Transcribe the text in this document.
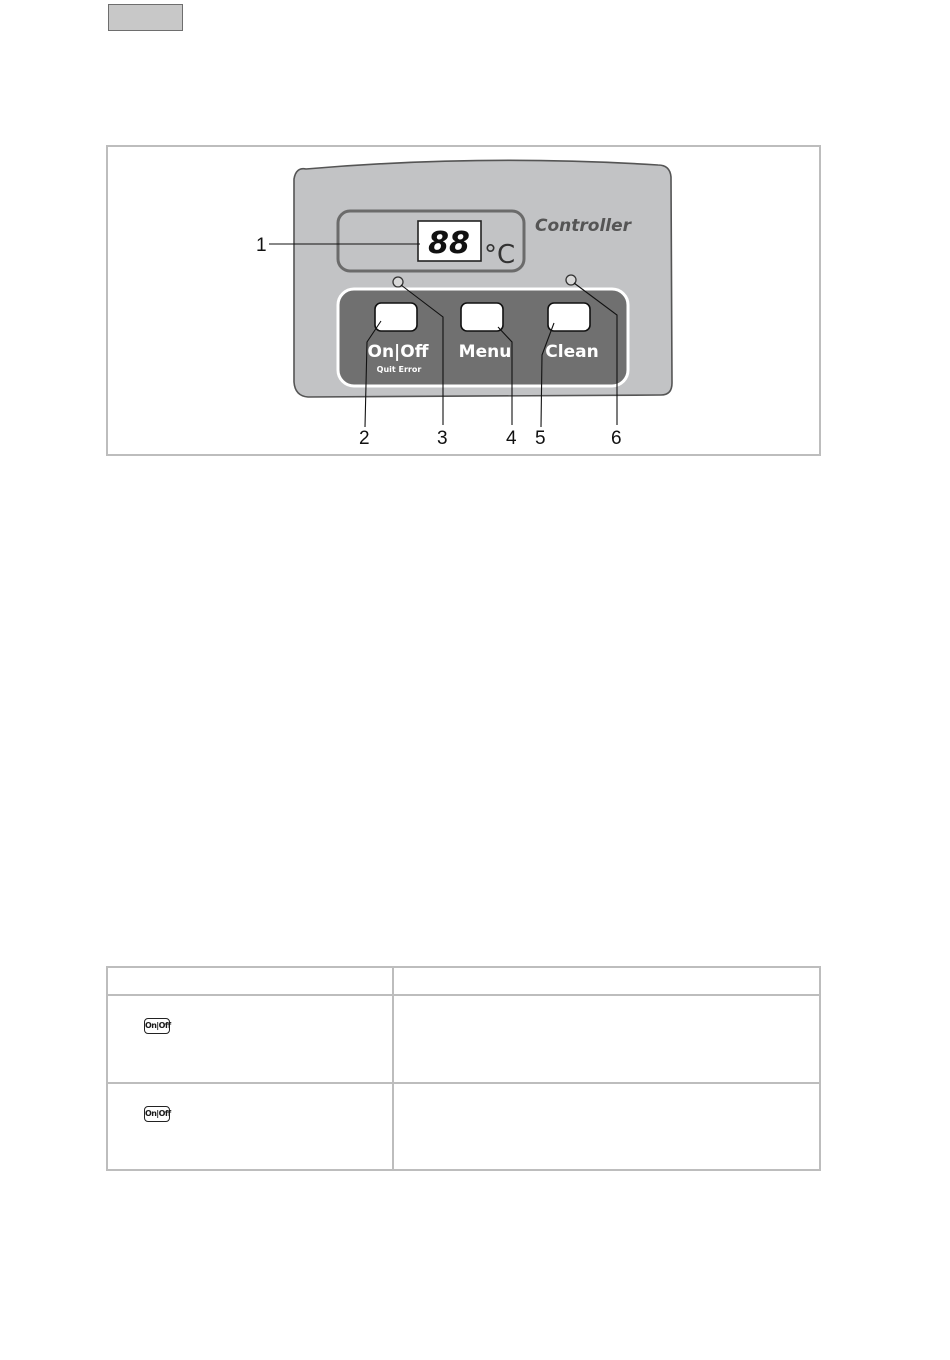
88 °C
Controller
On|Off
Quit Error
Menu Clean
1
2	3	4 5	6

On|Off	
On|Off	
